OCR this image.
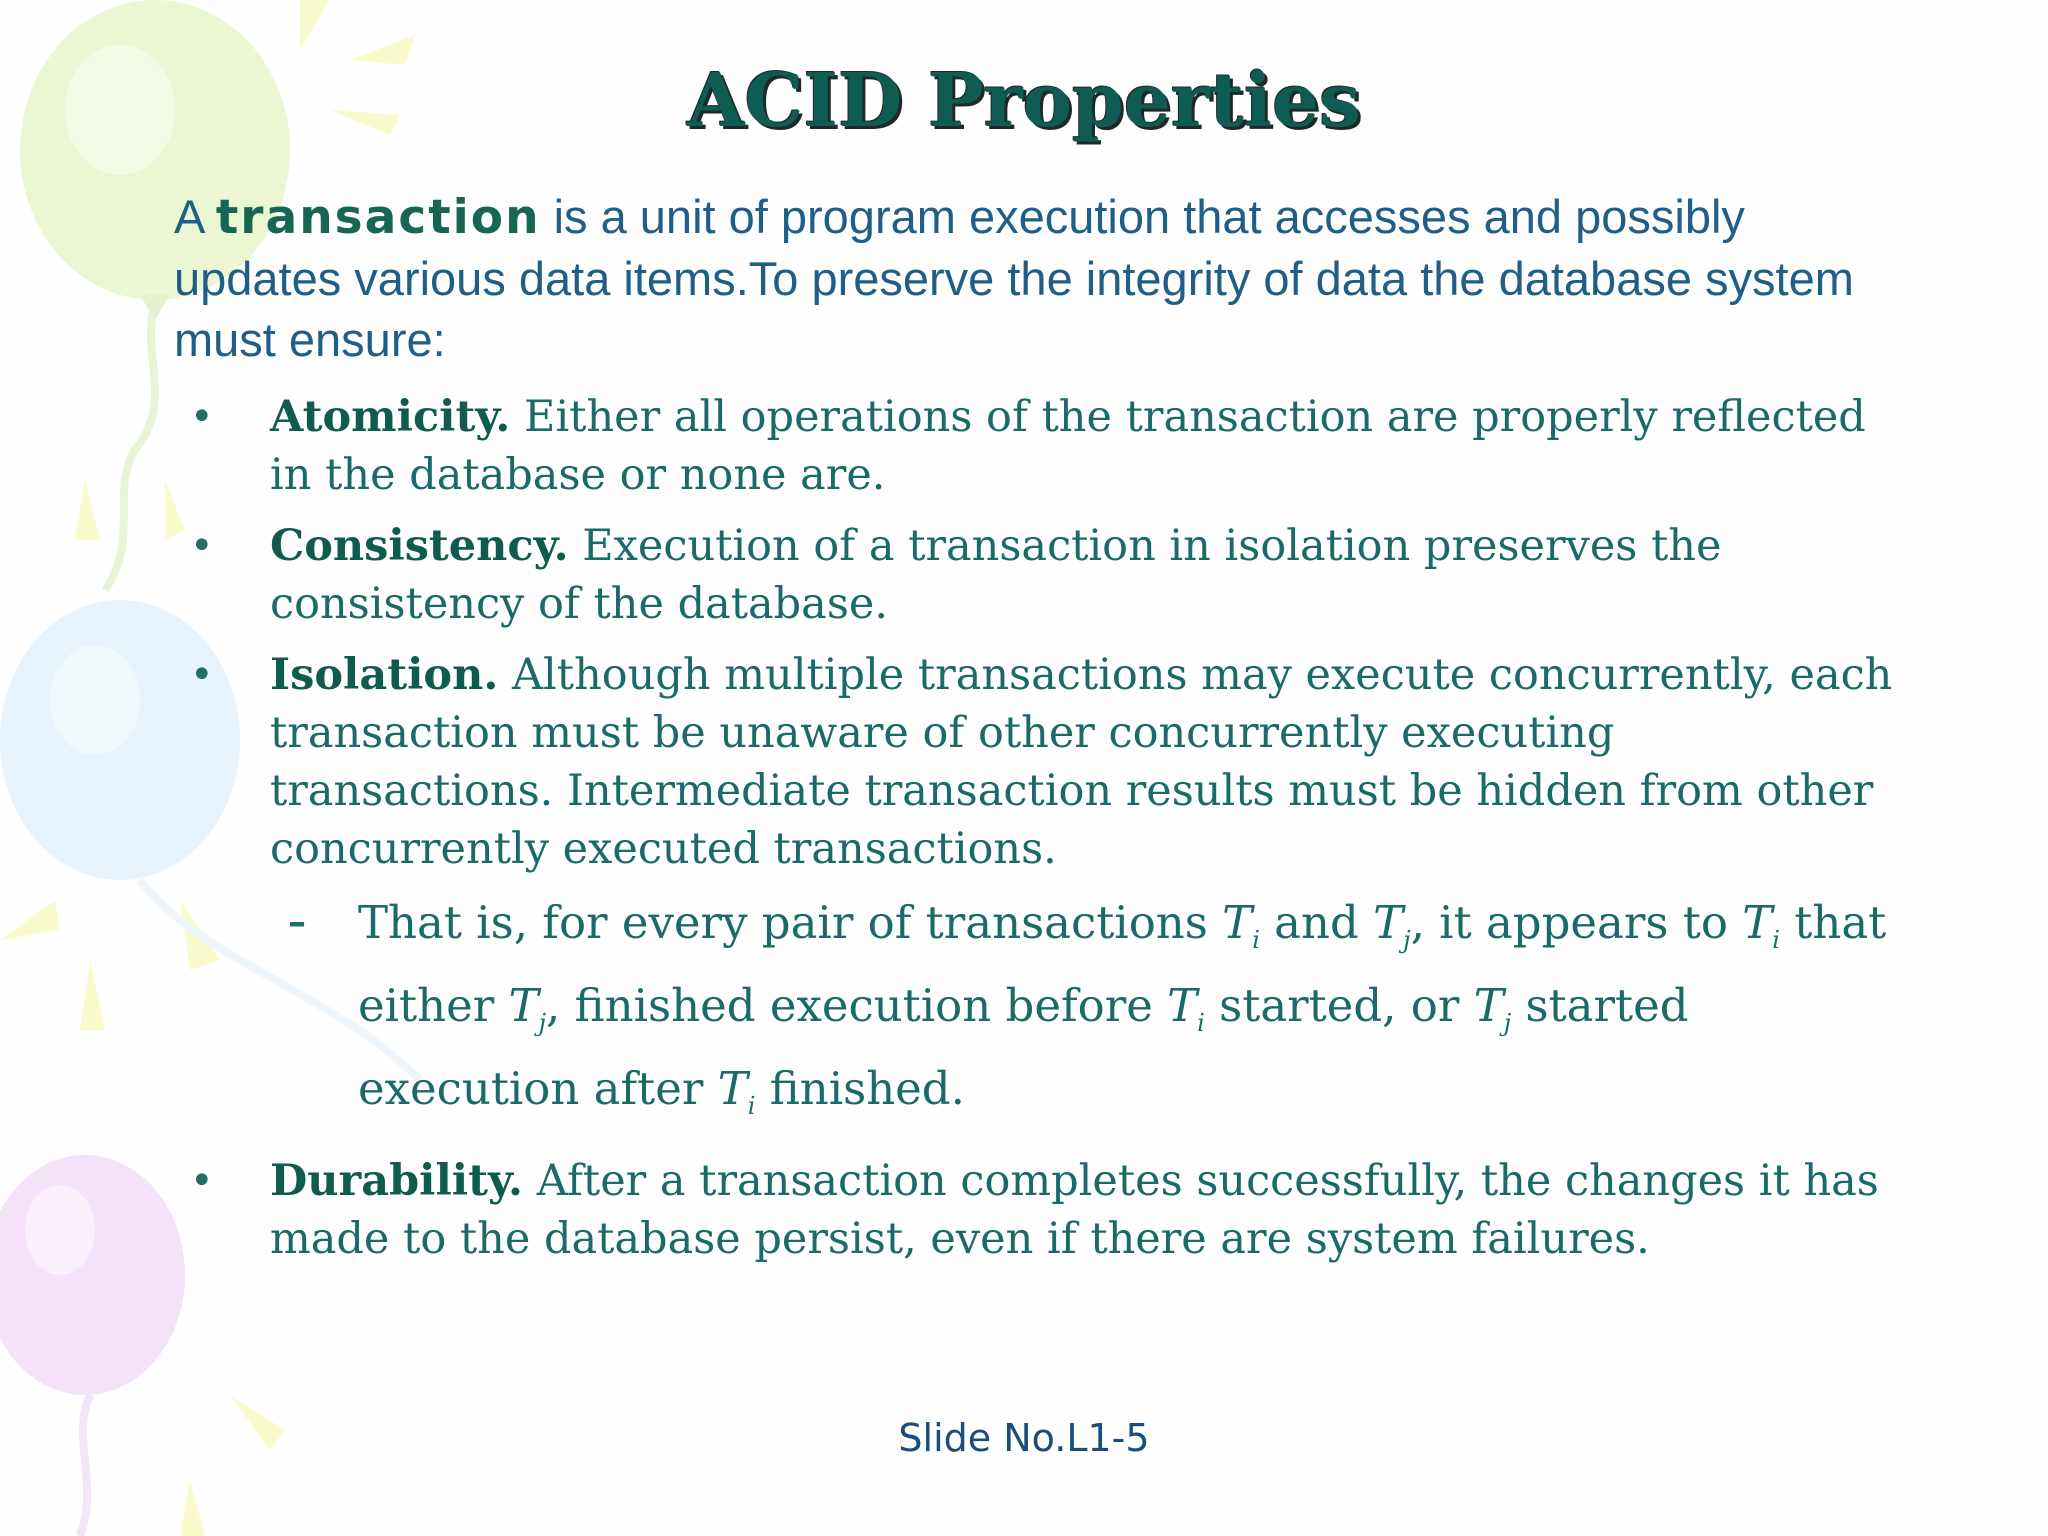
ACID Properties
A transaction is a unit of program execution that accesses and possibly updates various data items.To preserve the integrity of data the database system must ensure:
• Atomicity. Either all operations of the transaction are properly reflected in the database or none are.
• Consistency. Execution of a transaction in isolation preserves the consistency of the database.
• Isolation. Although multiple transactions may execute concurrently, each transaction must be unaware of other concurrently executing transactions. Intermediate transaction results must be hidden from other concurrently executed transactions.
– That is, for every pair of transactions $T_i$ and $T_j$, it appears to $T_i$ that either $T_j$, finished execution before $T_i$ started, or $T_j$ started execution after $T_i$ finished.
• Durability. After a transaction completes successfully, the changes it has made to the database persist, even if there are system failures.
Slide No.L1-5
